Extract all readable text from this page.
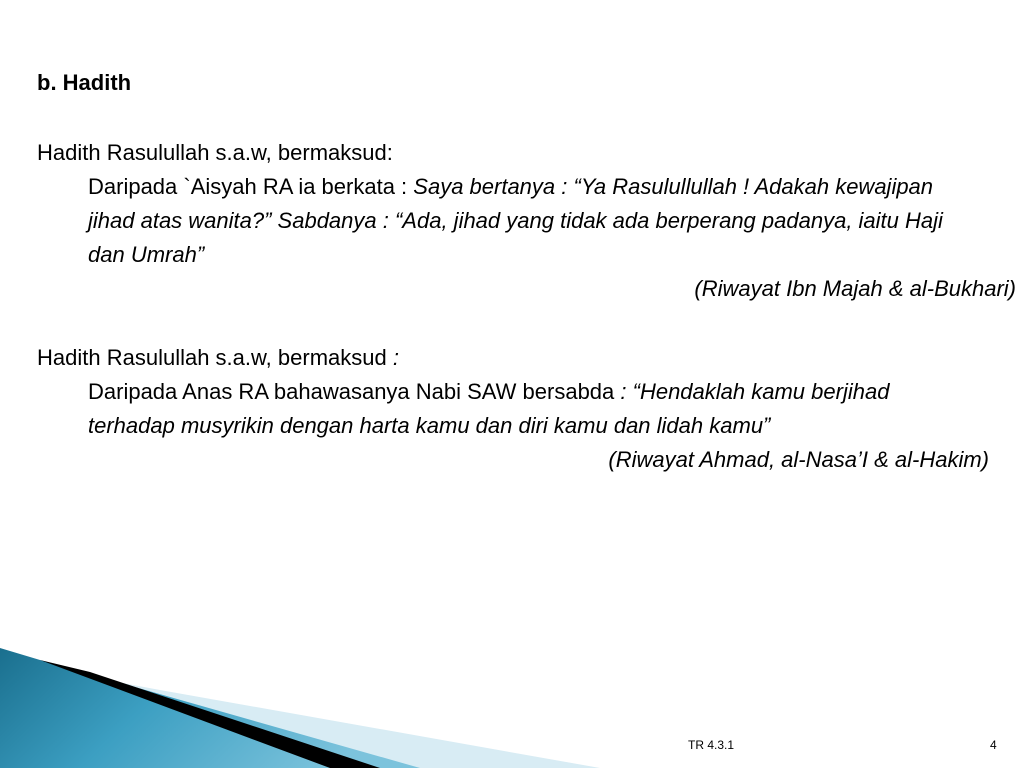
b. Hadith

Hadith Rasulullah s.a.w, bermaksud:

Daripada `Aisyah RA ia berkata : Saya bertanya : “Ya Rasulullullah ! Adakah kewajipan jihad atas wanita?” Sabdanya : “Ada, jihad yang tidak ada berperang padanya, iaitu Haji dan Umrah”
(Riwayat Ibn Majah & al-Bukhari)

Hadith Rasulullah s.a.w, bermaksud :

Daripada Anas RA bahawasanya Nabi SAW bersabda : “Hendaklah kamu berjihad terhadap musyrikin dengan harta kamu dan diri kamu dan lidah kamu”
(Riwayat Ahmad, al-Nasa’I & al-Hakim)

TR 4.3.1	4
